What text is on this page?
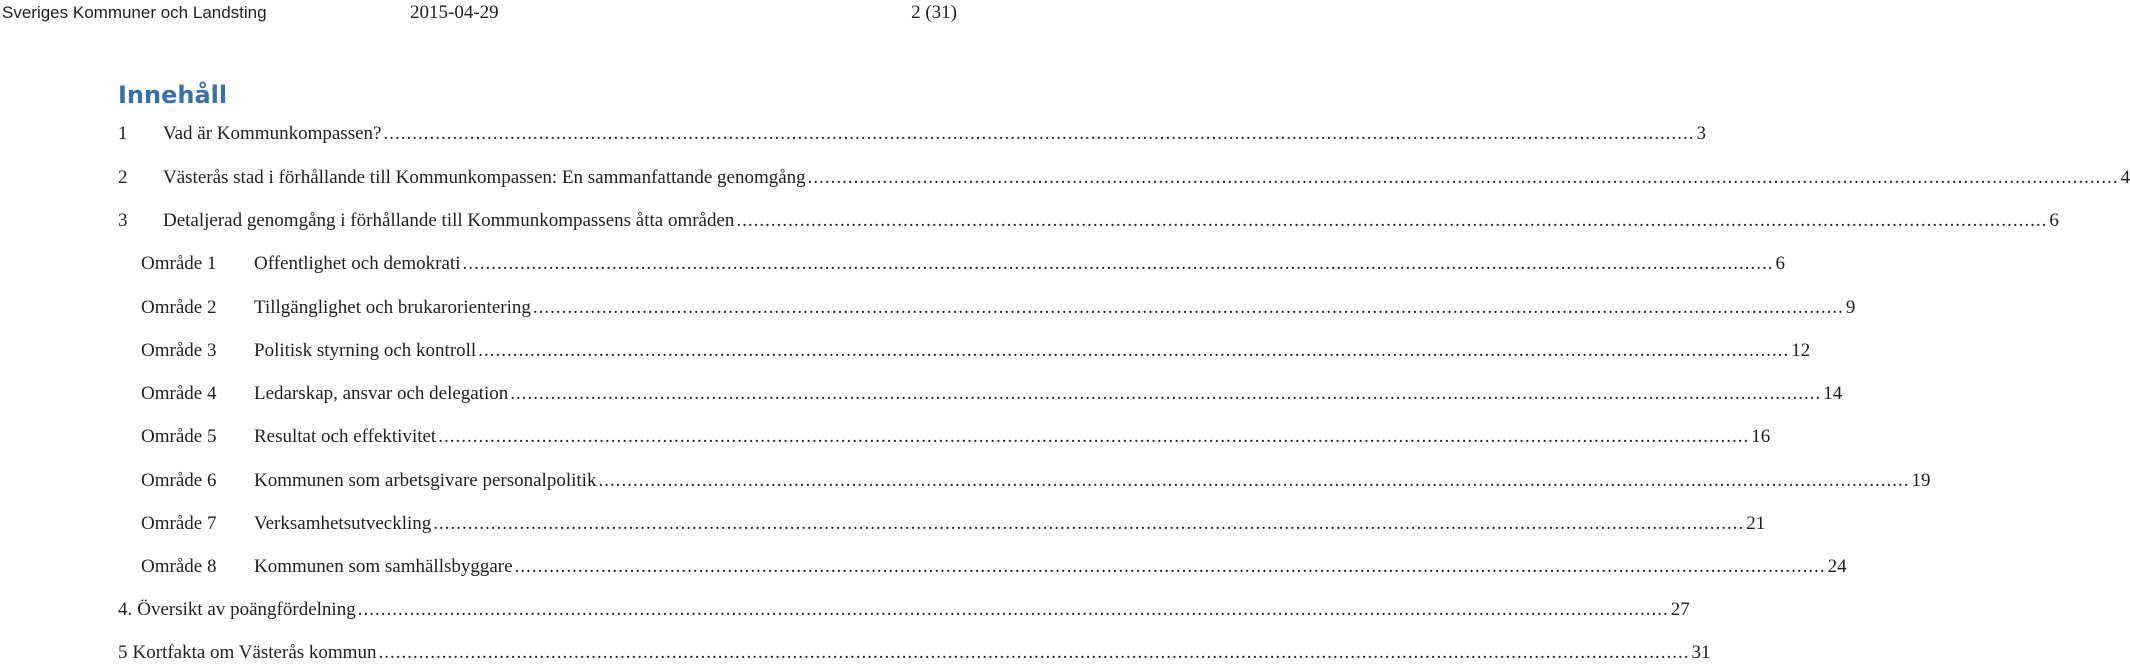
Sveriges Kommuner och Landsting	2015-04-29	2 (31)
Innehåll
1	Vad är Kommunkompassen? .....	3
2	Västerås stad i förhållande till Kommunkompassen: En sammanfattande genomgång .....	4
3	Detaljerad genomgång i förhållande till Kommunkompassens åtta områden .....	6
Område 1	Offentlighet och demokrati .....	6
Område 2	Tillgänglighet och brukarorientering .....	9
Område 3	Politisk styrning och kontroll .....	12
Område 4	Ledarskap, ansvar och delegation .....	14
Område 5	Resultat och effektivitet .....	16
Område 6	Kommunen som arbetsgivare personalpolitik .....	19
Område 7	Verksamhetsutveckling .....	21
Område 8	Kommunen som samhällsbyggare .....	24
4. Översikt av poängfördelning .....	27
5 Kortfakta om Västerås kommun .....	31
